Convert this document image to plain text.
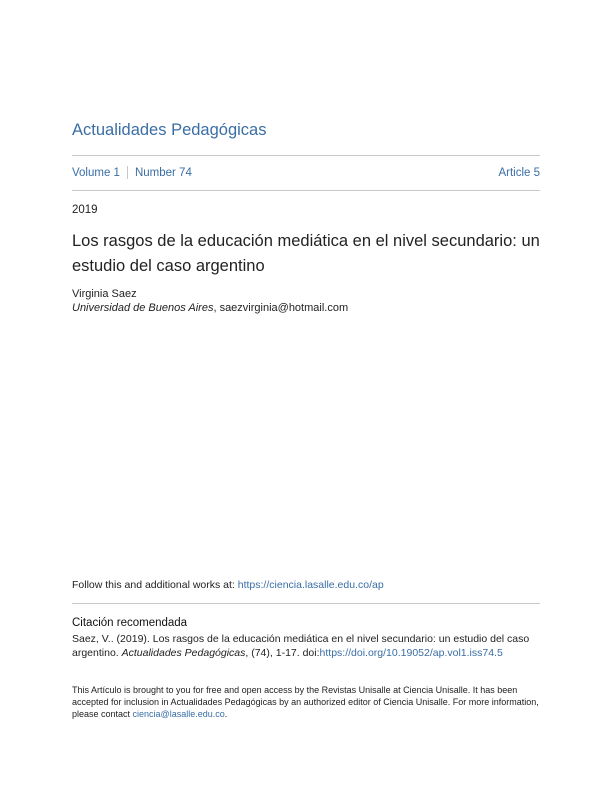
Actualidades Pedagógicas
Volume 1 Number 74	Article 5
2019
Los rasgos de la educación mediática en el nivel secundario: un estudio del caso argentino
Virginia Saez
Universidad de Buenos Aires, saezvirginia@hotmail.com
Follow this and additional works at: https://ciencia.lasalle.edu.co/ap
Citación recomendada
Saez, V.. (2019). Los rasgos de la educación mediática en el nivel secundario: un estudio del caso argentino. Actualidades Pedagógicas, (74), 1-17. doi:https://doi.org/10.19052/ap.vol1.iss74.5
This Artículo is brought to you for free and open access by the Revistas Unisalle at Ciencia Unisalle. It has been accepted for inclusion in Actualidades Pedagógicas by an authorized editor of Ciencia Unisalle. For more information, please contact ciencia@lasalle.edu.co.
